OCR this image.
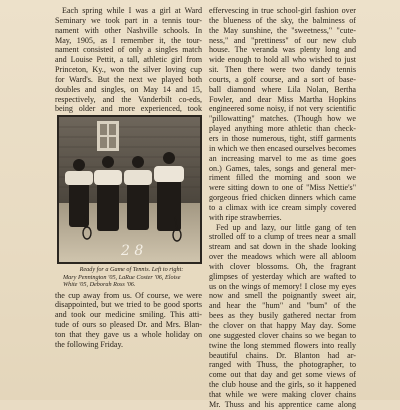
Each spring while I was a girl at Ward
Seminary we took part in a tennis tour-
nament with other Nashville schools. In
May, 1905, as I remember it, the tour-
nament consisted of only a singles match
and Louise Pettit, a tall, athletic girl from
Princeton, Ky., won the silver loving cup
for Ward's. But the next we played both
doubles and singles, on May 14 and 15,
respectively, and the Vanderbilt co-eds,
being older and more experienced, took
2 8
Ready for a Game of Tennis. Left to right:
Mary Pennington '05, LaRue Coster '06, Eloise
White '05, Deborah Ross '06.
the cup away from us. Of course, we were
disappointed, but we tried to be good sports
and took our medicine smiling. This atti-
tude of ours so pleased Dr. and Mrs. Blan-
ton that they gave us a whole holiday on
the following Friday.
effervescing in true school-girl fashion over
the blueness of the sky, the balminess of
the May sunshine, the "sweetness," "cute-
ness," and "prettiness" of our new club
house. The veranda was plenty long and
wide enough to hold all who wished to just
sit. Then there were two dandy tennis
courts, a golf course, and a sort of base-
ball diamond where Lila Nolan, Bertha
Fowler, and dear Miss Martha Hopkins
engineered some noisy, if not very scientific
"pillowatting" matches. (Though how we
played anything more athletic than check-
ers in those numerous, tight, stiff garments
in which we then encased ourselves becomes
an increasing marvel to me as time goes
on.) Games, tales, songs and general mer-
riment filled the morning and soon we
were sitting down to one of "Miss Nettie's"
gorgeous fried chicken dinners which came
to a climax with ice cream simply covered
with ripe strawberries.
Fed up and lazy, our little gang of ten
strolled off to a clump of trees near a small
stream and sat down in the shade looking
over the meadows which were all abloom
with clover blossoms. Oh, the fragrant
glimpses of yesterday which are wafted to
us on the wings of memory! I close my eyes
now and smell the poignantly sweet air,
and hear the "hum" and "bum" of the
bees as they busily gathered nectar from
the clover on that happy May day. Some
one suggested clover chains so we began to
twine the long stemmed flowers into really
beautiful chains. Dr. Blanton had ar-
ranged with Thuss, the photographer, to
come out that day and get some views of
the club house and the girls, so it happened
that while we were making clover chains
Mr. Thuss and his apprentice came along
